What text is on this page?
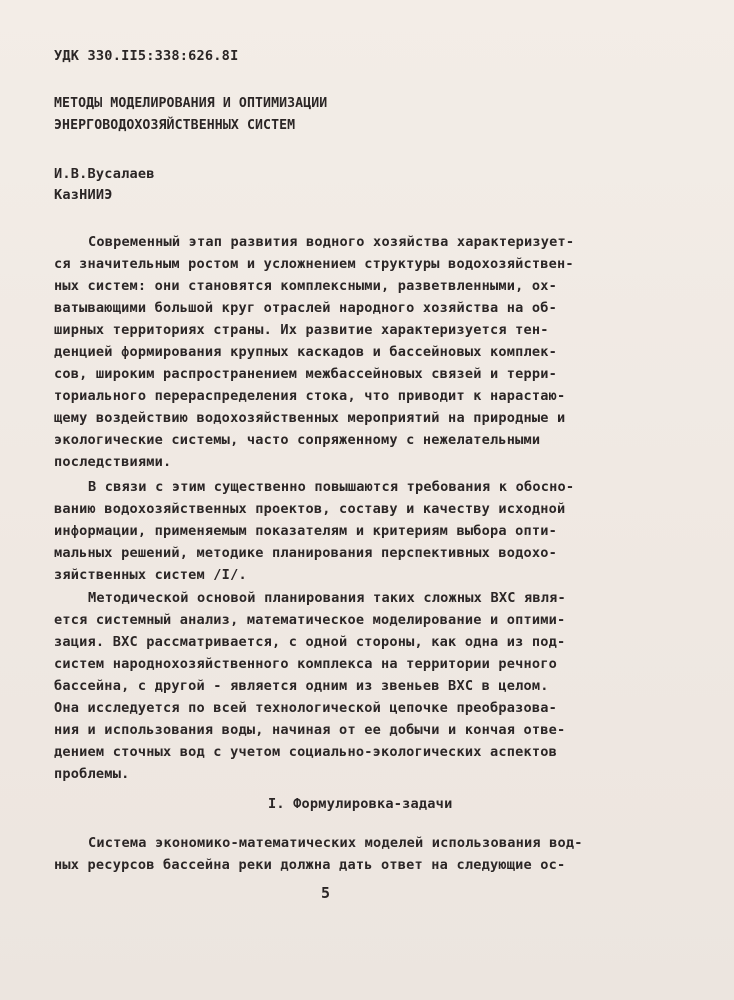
УДК 330.II5:338:626.8I
МЕТОДЫ МОДЕЛИРОВАНИЯ И ОПТИМИЗАЦИИ
ЭНЕРГОВОДОХОЗЯЙСТВЕННЫХ СИСТЕМ
И.В.Вусалаев
КазНИИЭ
Современный этап развития водного хозяйства характеризует-
ся значительным ростом и усложнением структуры водохозяйствен-
ных систем: они становятся комплексными, разветвленными, ох-
ватывающими большой круг отраслей народного хозяйства на об-
ширных территориях страны. Их развитие характеризуется тен-
денцией формирования крупных каскадов и бассейновых комплек-
сов, широким распространением межбассейновых связей и терри-
ториального перераспределения стока, что приводит к нарастаю-
щему воздействию водохозяйственных мероприятий на природные и
экологические системы, часто сопряженному с нежелательными
последствиями.
В связи с этим существенно повышаются требования к обосно-
ванию водохозяйственных проектов, составу и качеству исходной
информации, применяемым показателям и критериям выбора опти-
мальных решений, методике планирования перспективных водохо-
зяйственных систем /I/.
Методической основой планирования таких сложных ВХС явля-
ется системный анализ, математическое моделирование и оптими-
зация. ВХС рассматривается, с одной стороны, как одна из под-
систем народнохозяйственного комплекса на территории речного
бассейна, с другой - является одним из звеньев ВХС в целом.
Она исследуется по всей технологической цепочке преобразова-
ния и использования воды, начиная от ее добычи и кончая отве-
дением сточных вод с учетом социально-экологических аспектов
проблемы.
I. Формулировка-задачи
Система экономико-математических моделей использования вод-
ных ресурсов бассейна реки должна дать ответ на следующие ос-
5
